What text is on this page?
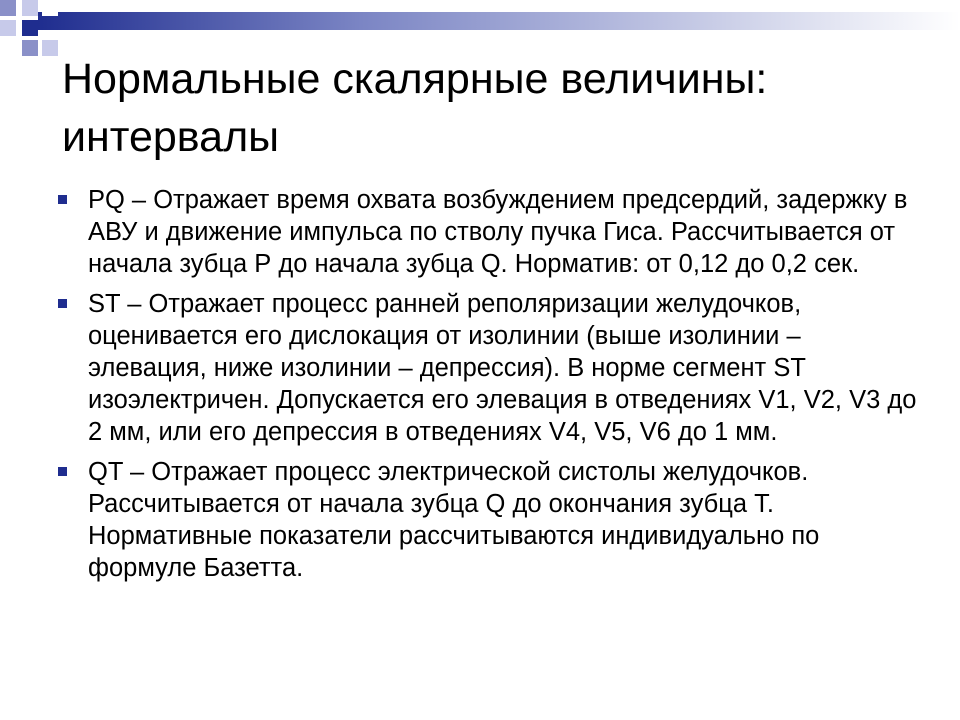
Нормальные скалярные величины: интервалы
PQ – Отражает время охвата возбуждением предсердий, задержку в АВУ и движение импульса по стволу пучка Гиса. Рассчитывается от начала зубца Р до начала зубца Q. Норматив: от 0,12 до 0,2 сек.
ST – Отражает процесс ранней реполяризации желудочков, оценивается его дислокация от изолинии (выше изолинии – элевация, ниже изолинии – депрессия). В норме сегмент ST изоэлектричен. Допускается его элевация в отведениях V1, V2, V3 до 2 мм, или его депрессия в отведениях V4, V5, V6 до 1 мм.
QT – Отражает процесс электрической систолы желудочков. Рассчитывается от начала зубца Q до окончания зубца Т. Нормативные показатели рассчитываются индивидуально по формуле Базетта.
